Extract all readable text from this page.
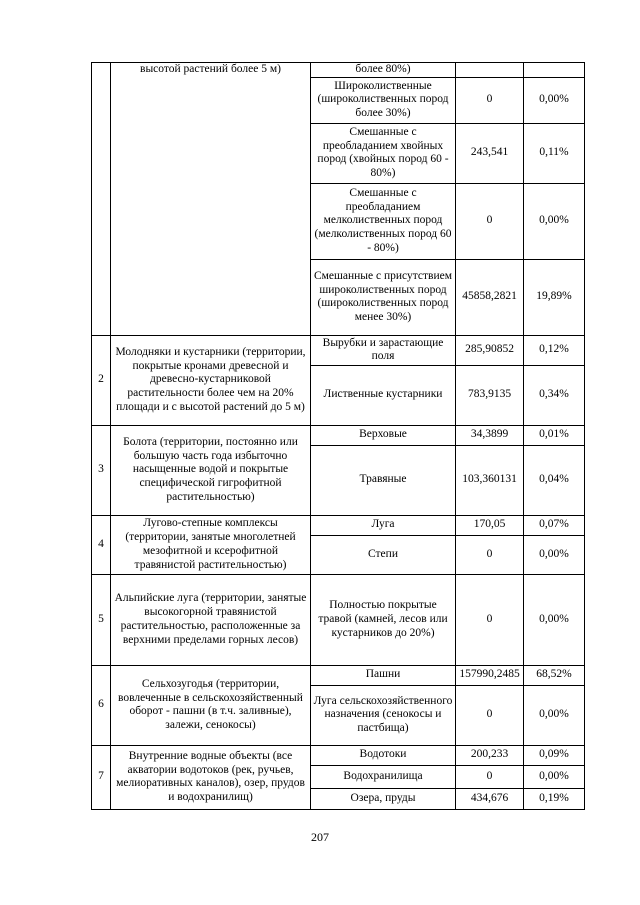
	высотой растений более 5 м)	более 80%)		
		Широколиственные (широколиственных пород более 30%)	0	0,00%
		Смешанные с преобладанием хвойных пород (хвойных пород 60 - 80%)	243,541	0,11%
		Смешанные с преобладанием мелколиственных пород (мелколиственных пород 60 - 80%)	0	0,00%
		Смешанные с присутствием широколиственных пород (широколиственных пород менее 30%)	45858,2821	19,89%
2	Молодняки и кустарники (территории, покрытые кронами древесной и древесно-кустарниковой растительности более чем на 20% площади и с высотой растений до 5 м)	Вырубки и зарастающие поля	285,90852	0,12%
		Лиственные кустарники	783,9135	0,34%
3	Болота (территории, постоянно или большую часть года избыточно насыщенные водой и покрытые специфической гигрофитной растительностью)	Верховые	34,3899	0,01%
		Травяные	103,360131	0,04%
4	Лугово-степные комплексы (территории, занятые многолетней мезофитной и ксерофитной травянистой растительностью)	Луга	170,05	0,07%
		Степи	0	0,00%
5	Альпийские луга (территории, занятые высокогорной травянистой растительностью, расположенные за верхними пределами горных лесов)	Полностью покрытые травой (камней, лесов или кустарников до 20%)	0	0,00%
6	Сельхозугодья (территории, вовлеченные в сельскохозяйственный оборот - пашни (в т.ч. заливные), залежи, сенокосы)	Пашни	157990,2485	68,52%
		Луга сельскохозяйственного назначения (сенокосы и пастбища)	0	0,00%
7	Внутренние водные объекты (все акватории водотоков (рек, ручьев, мелиоративных каналов), озер, прудов и водохранилищ)	Водотоки	200,233	0,09%
		Водохранилища	0	0,00%
		Озера, пруды	434,676	0,19%
207
